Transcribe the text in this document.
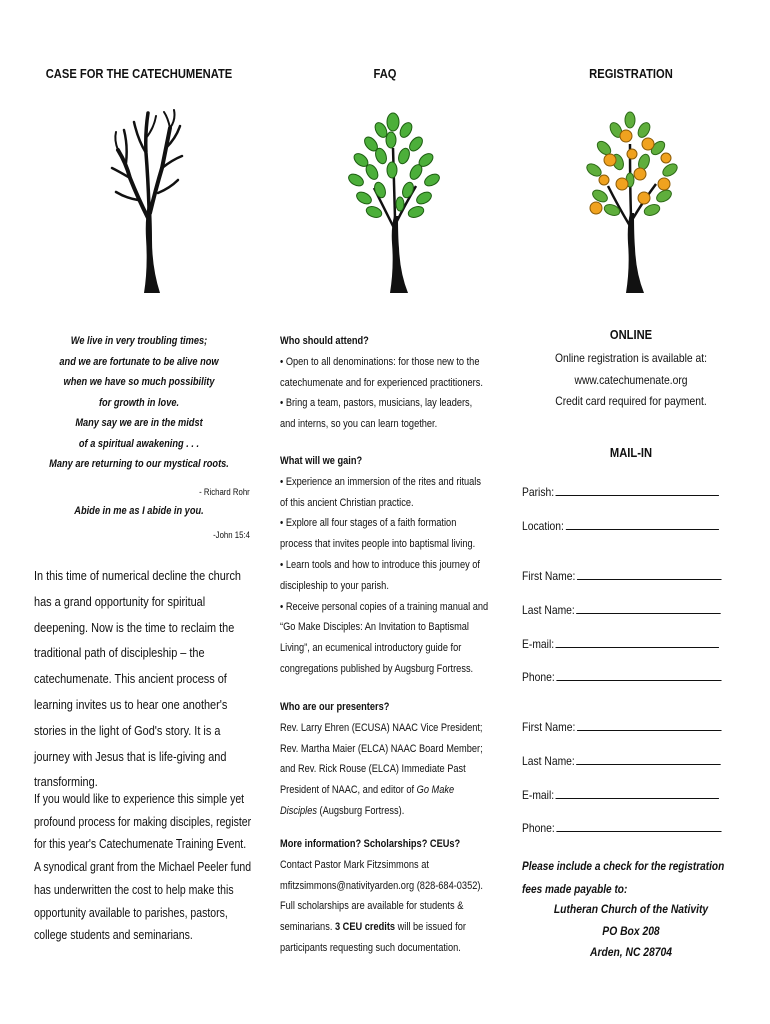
CASE FOR THE CATECHUMENATE
We live in very troubling times;
and we are fortunate to be alive now
when we have so much possibility
for growth in love.
Many say we are in the midst
of a spiritual awakening . . .
Many are returning to our mystical roots.
- Richard Rohr
Abide in me as I abide in you.
-John 15:4
In this time of numerical decline the church has a grand opportunity for spiritual deepening. Now is the time to reclaim the traditional path of discipleship – the catechumenate. This ancient process of learning invites us to hear one another's stories in the light of God's story. It is a journey with Jesus that is life-giving and transforming.
If you would like to experience this simple yet profound process for making disciples, register for this year's Catechumenate Training Event. A synodical grant from the Michael Peeler fund has underwritten the cost to help make this opportunity available to parishes, pastors, college students and seminarians.
FAQ

Who should attend?

• Open to all denominations: for those new to the catechumenate and for experienced practitioners.

• Bring a team, pastors, musicians, lay leaders, and interns, so you can learn together.

What will we gain?

• Experience an immersion of the rites and rituals of this ancient Christian practice.

• Explore all four stages of a faith formation process that invites people into baptismal living.

• Learn tools and how to introduce this journey of discipleship to your parish.

• Receive personal copies of a training manual and “Go Make Disciples: An Invitation to Baptismal Living”, an ecumenical introductory guide for congregations published by Augsburg Fortress.

Who are our presenters?

Rev. Larry Ehren (ECUSA) NAAC Vice President; Rev. Martha Maier (ELCA) NAAC Board Member; and Rev. Rick Rouse (ELCA) Immediate Past President of NAAC, and editor of Go Make Disciples (Augsburg Fortress).

More information? Scholarships? CEUs?

Contact Pastor Mark Fitzsimmons at mfitzsimmons@nativityarden.org (828-684-0352). Full scholarships are available for students & seminarians. 3 CEU credits will be issued for participants requesting such documentation.

REGISTRATION
ONLINE
Online registration is available at:
www.catechumenate.org
Credit card required for payment.
MAIL-IN
Parish:
Location:
First Name:
Last Name:
E-mail:
Phone:
First Name:
Last Name:
E-mail:
Phone:
Please include a check for the registration fees made payable to:
Lutheran Church of the Nativity
PO Box 208
Arden, NC 28704
